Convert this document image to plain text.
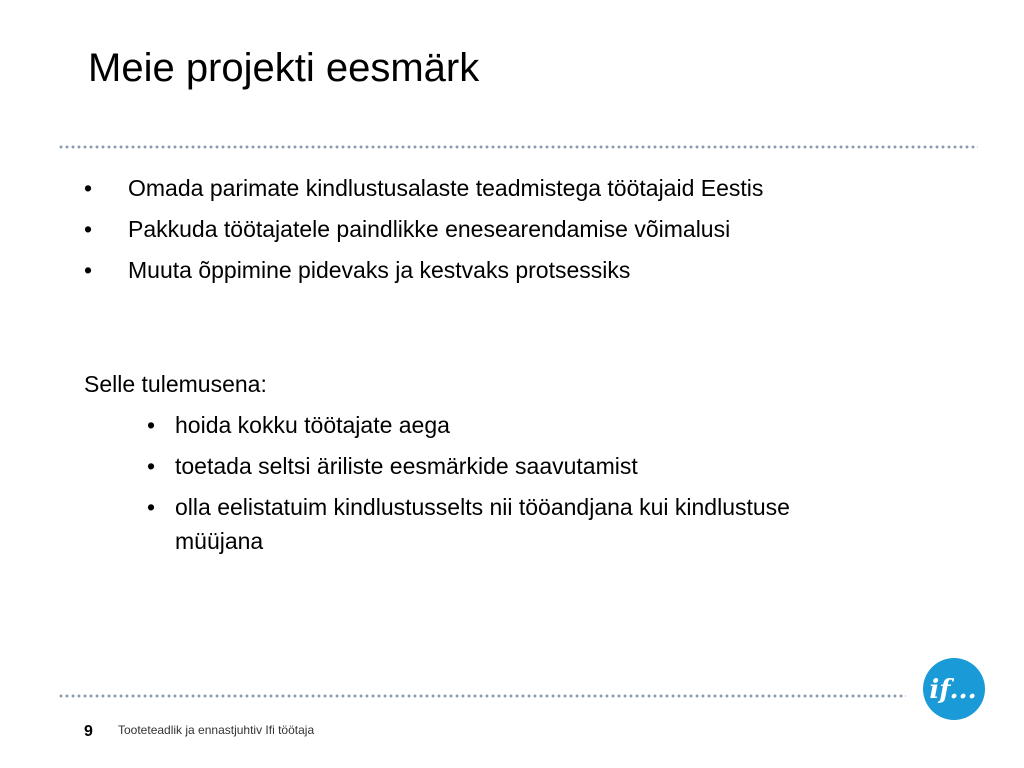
Meie projekti eesmärk
• Omada parimate kindlustusalaste teadmistega töötajaid Eestis
• Pakkuda töötajatele paindlikke enesearendamise võimalusi
• Muuta õppimine pidevaks ja kestvaks protsessiks
Selle tulemusena:
• hoida kokku töötajate aega
• toetada seltsi äriliste eesmärkide saavutamist
• olla eelistatuim kindlustusselts nii tööandjana kui kindlustuse müüjana
9 Tooteteadlik ja ennastjuhtiv Ifi töötaja
if...
